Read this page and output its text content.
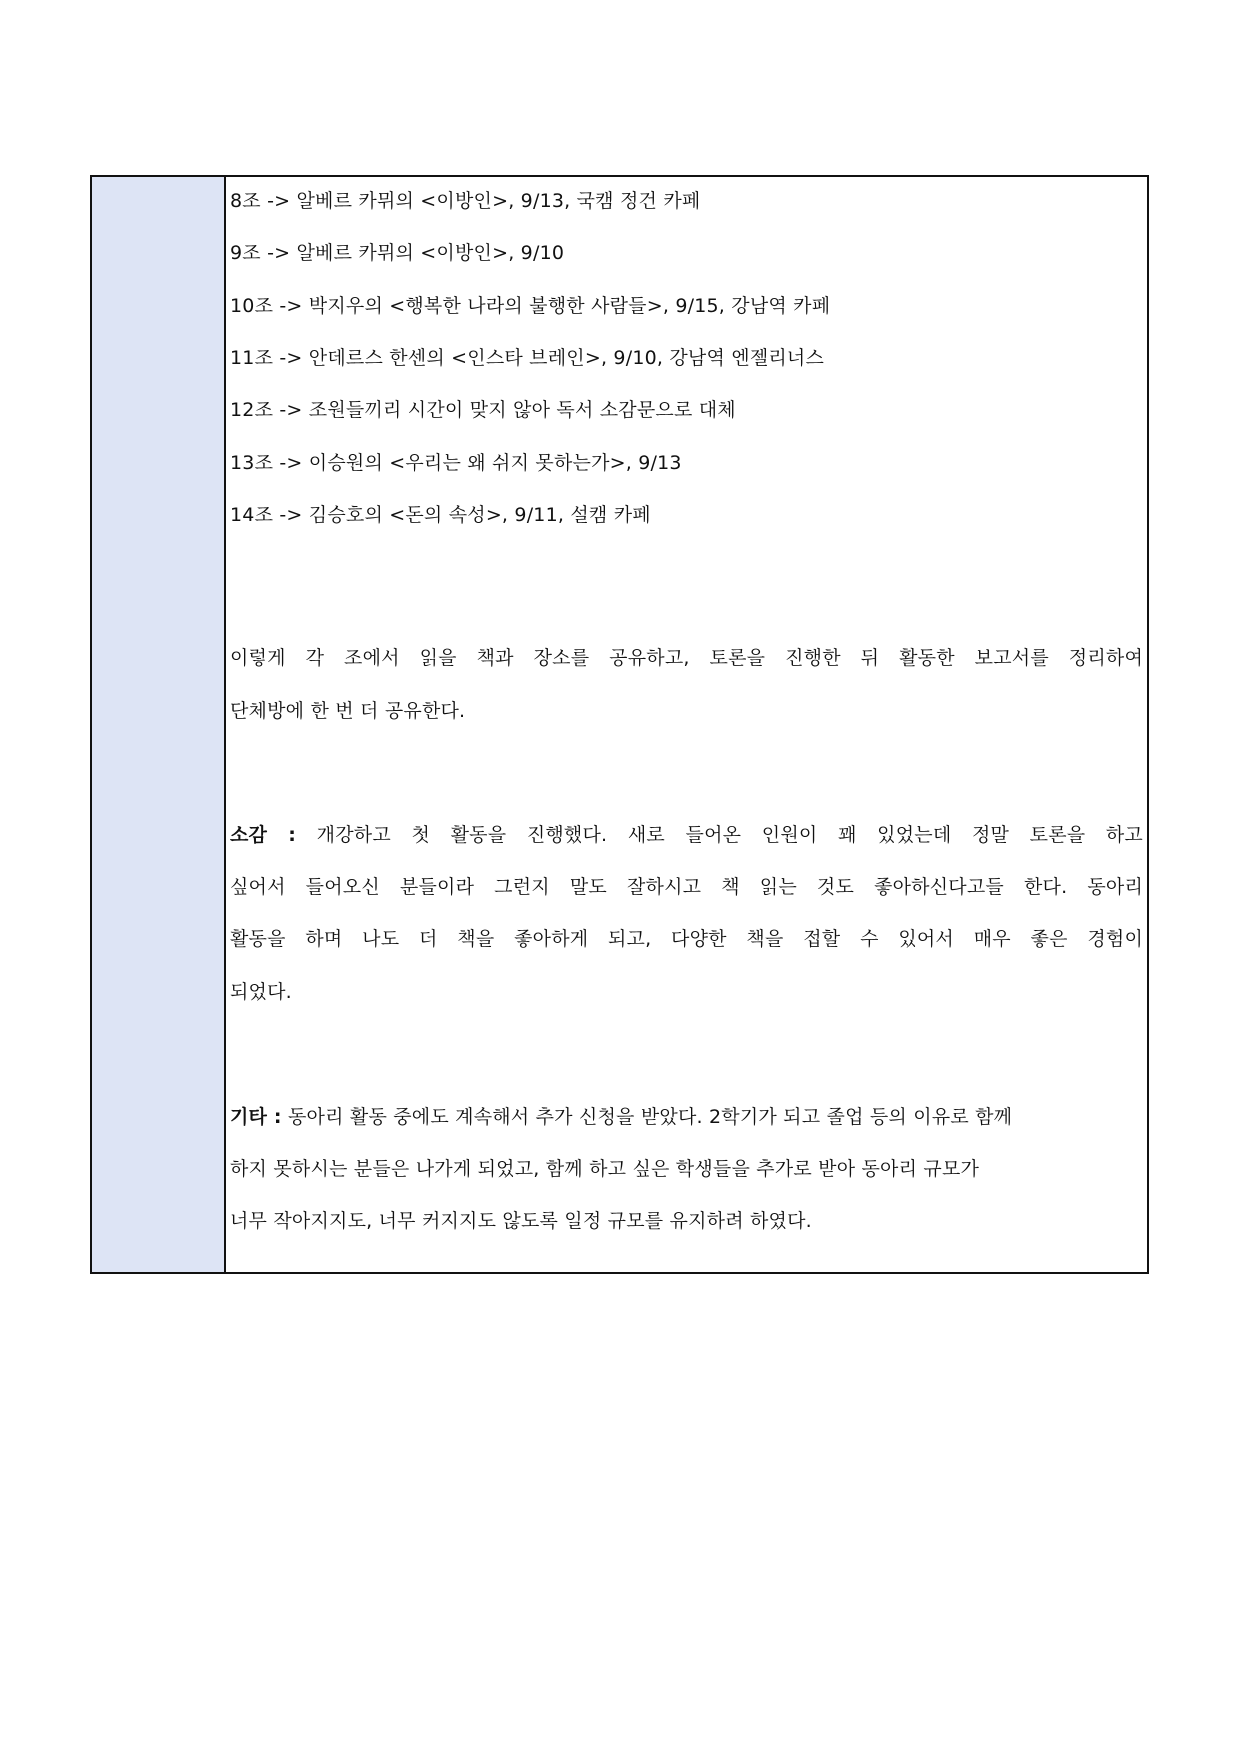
8조 -> 알베르 카뮈의 <이방인>, 9/13, 국캠 정건 카페
9조 -> 알베르 카뮈의 <이방인>, 9/10
10조 -> 박지우의 <행복한 나라의 불행한 사람들>, 9/15, 강남역 카페
11조 -> 안데르스 한센의 <인스타 브레인>, 9/10, 강남역 엔젤리너스
12조 -> 조원들끼리 시간이 맞지 않아 독서 소감문으로 대체
13조 -> 이승원의 <우리는 왜 쉬지 못하는가>, 9/13
14조 -> 김승호의 <돈의 속성>, 9/11, 설캠 카페
이렇게 각 조에서 읽을 책과 장소를 공유하고, 토론을 진행한 뒤 활동한 보고서를 정리하여
단체방에 한 번 더 공유한다.
소감 : 개강하고 첫 활동을 진행했다. 새로 들어온 인원이 꽤 있었는데 정말 토론을 하고
싶어서 들어오신 분들이라 그런지 말도 잘하시고 책 읽는 것도 좋아하신다고들 한다. 동아리
활동을 하며 나도 더 책을 좋아하게 되고, 다양한 책을 접할 수 있어서 매우 좋은 경험이
되었다.
기타 : 동아리 활동 중에도 계속해서 추가 신청을 받았다. 2학기가 되고 졸업 등의 이유로 함께
하지 못하시는 분들은 나가게 되었고, 함께 하고 싶은 학생들을 추가로 받아 동아리 규모가
너무 작아지지도, 너무 커지지도 않도록 일정 규모를 유지하려 하였다.
